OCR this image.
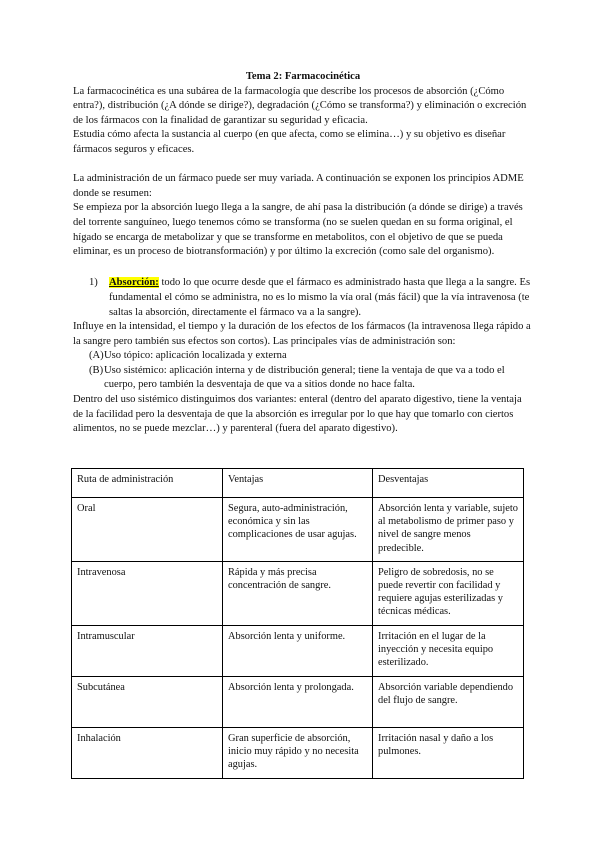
Tema 2: Farmacocinética

La farmacocinética es una subárea de la farmacología que describe los procesos de absorción (¿Cómo entra?), distribución (¿A dónde se dirige?), degradación (¿Cómo se transforma?) y eliminación o excreción de los fármacos con la finalidad de garantizar su seguridad y eficacia.

Estudia cómo afecta la sustancia al cuerpo (en que afecta, como se elimina…) y su objetivo es diseñar fármacos seguros y eficaces.

La administración de un fármaco puede ser muy variada. A continuación se exponen los principios ADME donde se resumen:

Se empieza por la absorción luego llega a la sangre, de ahí pasa la distribución (a dónde se dirige) a través del torrente sanguíneo, luego tenemos cómo se transforma (no se suelen quedan en su forma original, el hígado se encarga de metabolizar y que se transforme en metabolitos, con el objetivo de que se pueda eliminar, es un proceso de biotransformación) y por último la excreción (como sale del organismo).

1) Absorción: todo lo que ocurre desde que el fármaco es administrado hasta que llega a la sangre. Es fundamental el cómo se administra, no es lo mismo la vía oral (más fácil) que la vía intravenosa (te saltas la absorción, directamente el fármaco va a la sangre).

Influye en la intensidad, el tiempo y la duración de los efectos de los fármacos (la intravenosa llega rápido a la sangre pero también sus efectos son cortos). Las principales vías de administración son:

(A) Uso tópico: aplicación localizada y externa
(B) Uso sistémico: aplicación interna y de distribución general; tiene la ventaja de que va a todo el cuerpo, pero también la desventaja de que va a sitios donde no hace falta.

Dentro del uso sistémico distinguimos dos variantes: enteral (dentro del aparato digestivo, tiene la ventaja de la facilidad pero la desventaja de que la absorción es irregular por lo que hay que tomarlo con ciertos alimentos, no se puede mezclar…) y parenteral (fuera del aparato digestivo).

Ruta de administración	Ventajas	Desventajas
Oral	Segura, auto-administración, económica y sin las complicaciones de usar agujas.	Absorción lenta y variable, sujeto al metabolismo de primer paso y nivel de sangre menos predecible.
Intravenosa	Rápida y más precisa concentración de sangre.	Peligro de sobredosis, no se puede revertir con facilidad y requiere agujas esterilizadas y técnicas médicas.
Intramuscular	Absorción lenta y uniforme.	Irritación en el lugar de la inyección y necesita equipo esterilizado.
Subcutánea	Absorción lenta y prolongada.	Absorción variable dependiendo del flujo de sangre.
Inhalación	Gran superficie de absorción, inicio muy rápido y no necesita agujas.	Irritación nasal y daño a los pulmones.
